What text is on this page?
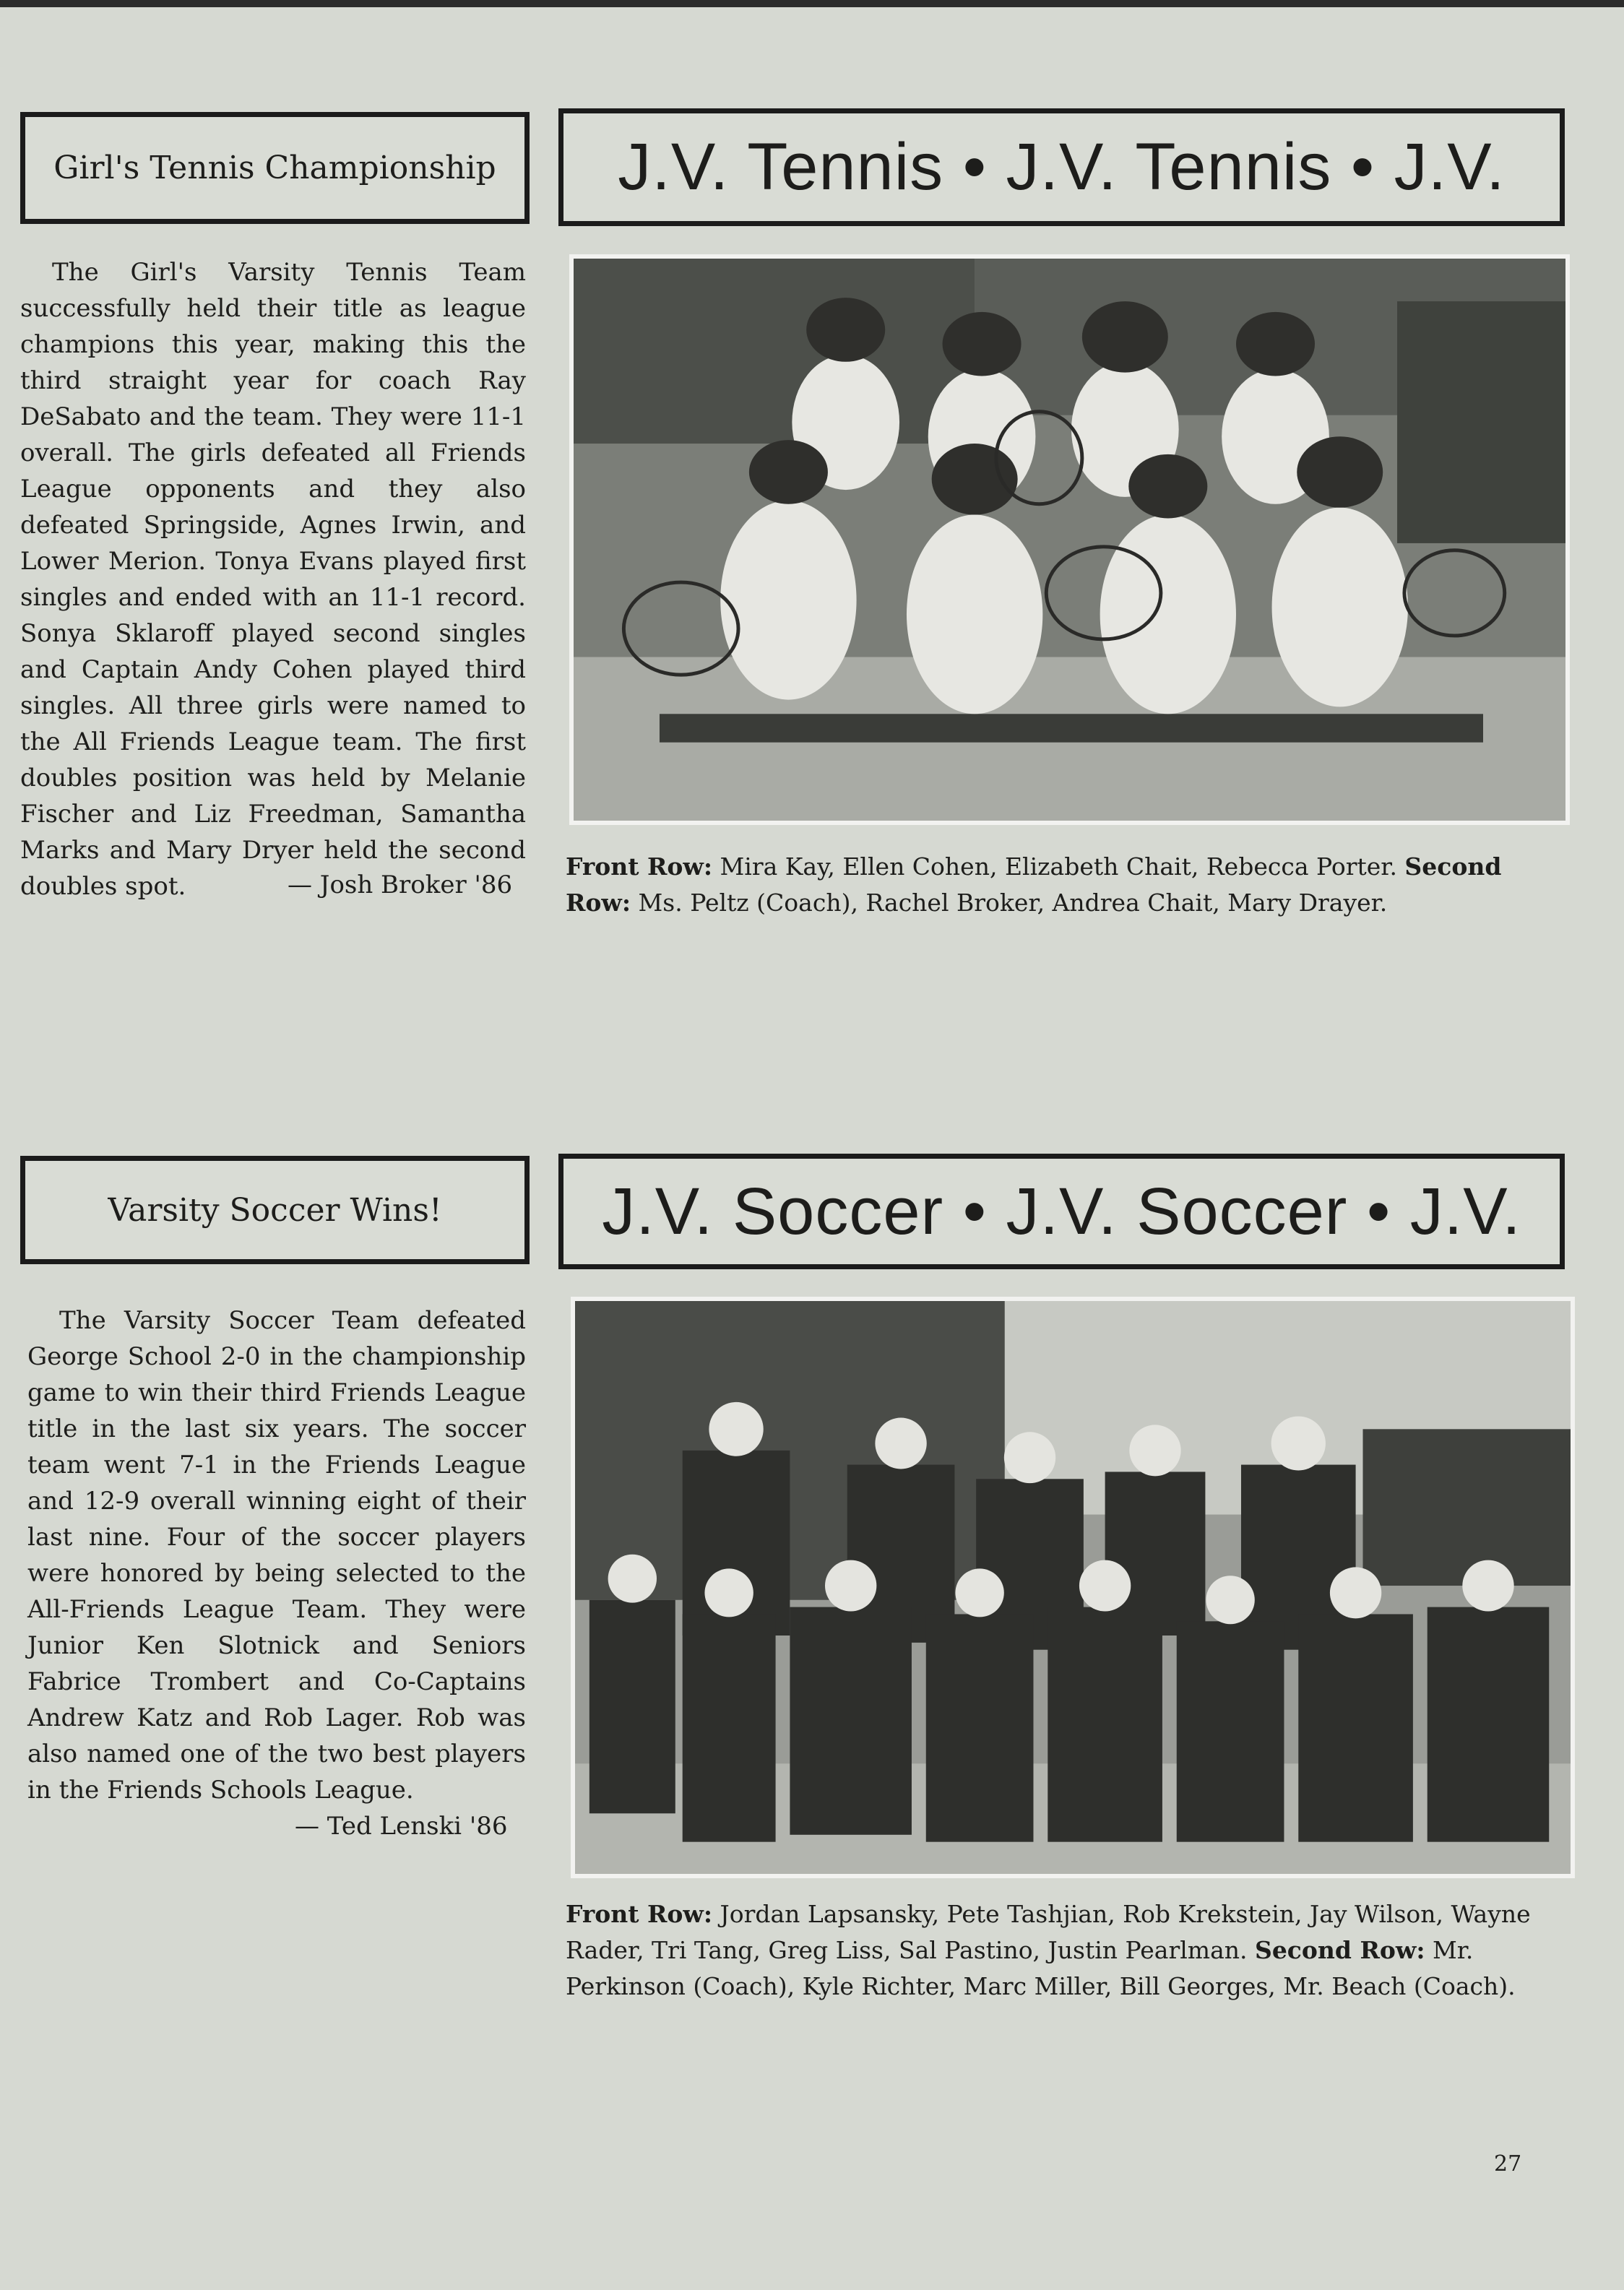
Girl's Tennis Championship J.V. Tennis • J.V. Tennis • J.V.

The Girl's Varsity Tennis Team successfully held their title as league champions this year, making this the third straight year for coach Ray DeSabato and the team. They were 11-1 overall. The girls defeated all Friends League opponents and they also defeated Springside, Agnes Irwin, and Lower Merion. Tonya Evans played first singles and ended with an 11-1 record. Sonya Sklaroff played second singles and Captain Andy Cohen played third singles. All three girls were named to the All Friends League team. The first doubles position was held by Melanie Fischer and Liz Freedman, Samantha Marks and Mary Dryer held the second doubles spot.	— Josh Broker '86
Front Row: Mira Kay, Ellen Cohen, Elizabeth Chait, Rebecca Porter. Second Row: Ms. Peltz (Coach), Rachel Broker, Andrea Chait, Mary Drayer.
Varsity Soccer Wins! J.V. Soccer • J.V. Soccer • J.V.

The Varsity Soccer Team defeated George School 2-0 in the championship game to win their third Friends League title in the last six years. The soccer team went 7-1 in the Friends League and 12-9 overall winning eight of their last nine. Four of the soccer players were honored by being selected to the All-Friends League Team. They were Junior Ken Slotnick and Seniors Fabrice Trombert and Co-Captains Andrew Katz and Rob Lager. Rob was also named one of the two best players in the Friends Schools League.

— Ted Lenski '86
Front Row: Jordan Lapsansky, Pete Tashjian, Rob Krekstein, Jay Wilson, Wayne Rader, Tri Tang, Greg Liss, Sal Pastino, Justin Pearlman. Second Row: Mr. Perkinson (Coach), Kyle Richter, Marc Miller, Bill Georges, Mr. Beach (Coach).
27
